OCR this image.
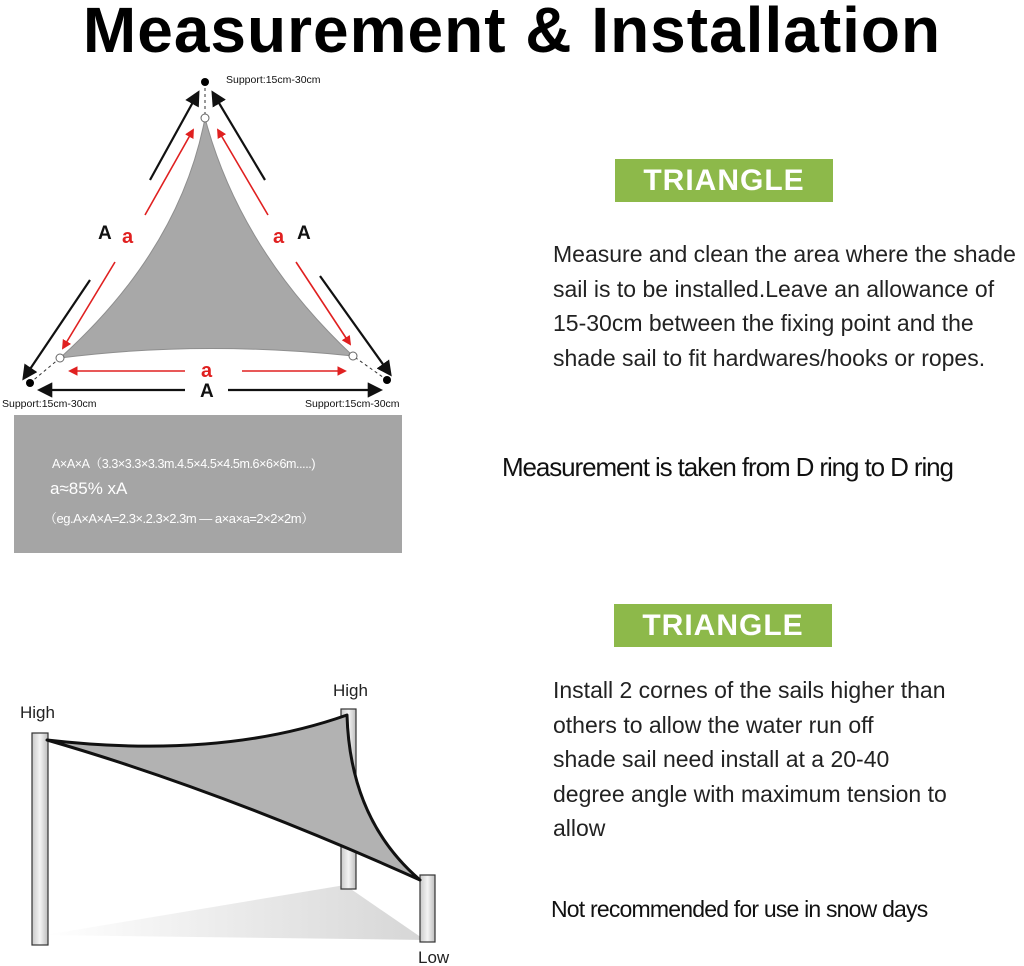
Measurement & Installation
Support:15cm-30cm
Support:15cm-30cm	Support:15cm-30cm
A a	a A
a
A
High
High
Low
A×A×A（3.3×3.3×3.3m.4.5×4.5×4.5m.6×6×6m.....)
a≈85% xA
（eg.A×A×A=2.3×.2.3×2.3m — a×a×a=2×2×2m）
TRIANGLE
Measure and clean the area where the shade sail is to be installed.Leave an allowance of 15-30cm between the fixing point and the shade sail to fit hardwares/hooks or ropes.
Measurement is taken from D ring to D ring
TRIANGLE
Install 2 cornes of the sails higher than
others to allow the water run off
shade sail need install at a 20-40
degree angle with maximum tension to
allow
Not recommended for use in snow days
